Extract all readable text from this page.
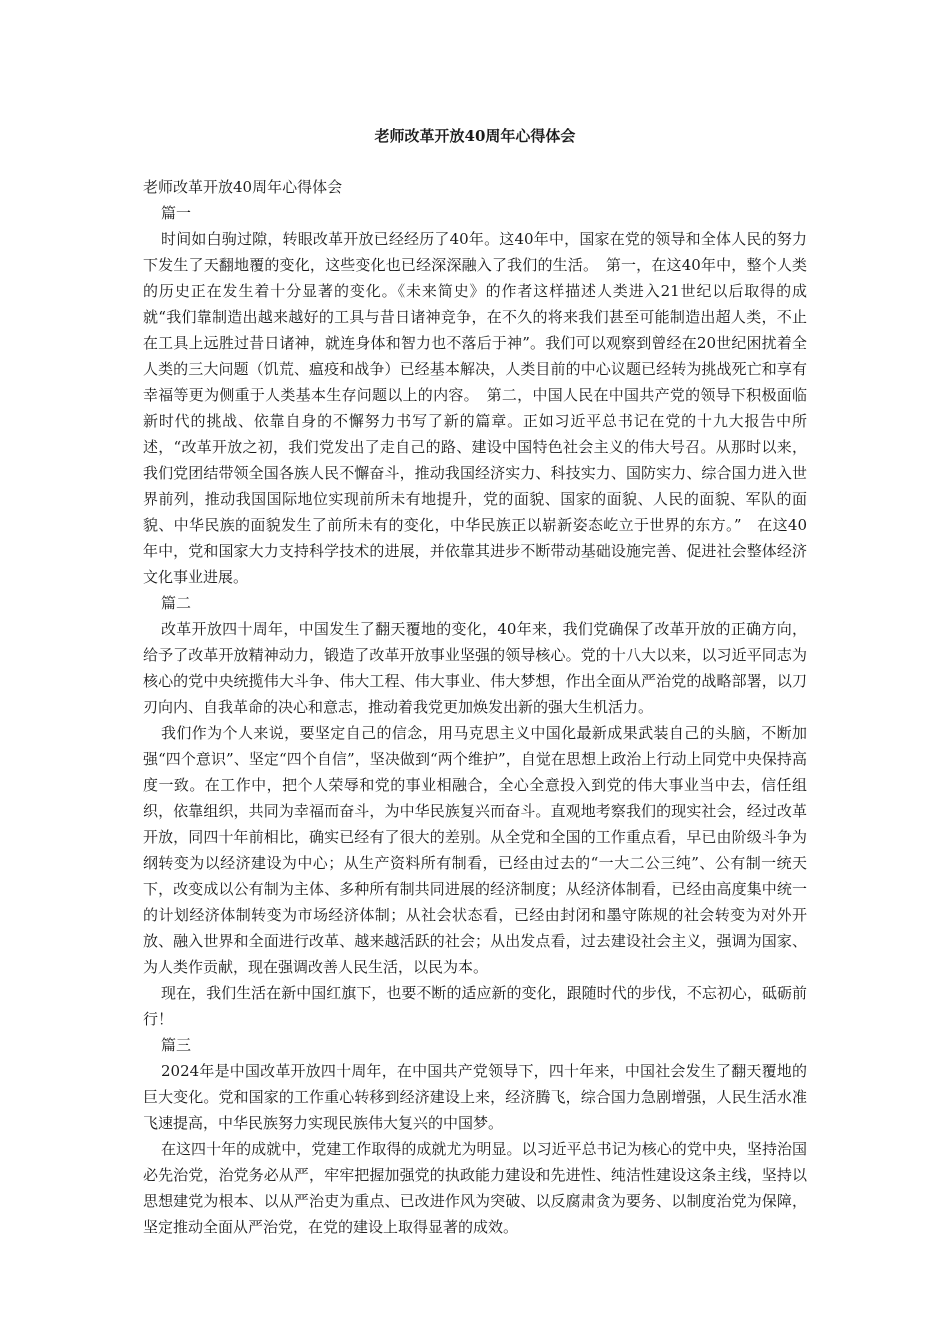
老师改革开放40周年心得体会

老师改革开放40周年心得体会

篇一

时间如白驹过隙，转眼改革开放已经经历了40年。这40年中，国家在党的领导和全体人民的努力下发生了天翻地覆的变化，这些变化也已经深深融入了我们的生活。　第一，在这40年中，整个人类的历史正在发生着十分显著的变化。《未来简史》的作者这样描述人类进入21世纪以后取得的成就“我们靠制造出越来越好的工具与昔日诸神竞争，在不久的将来我们甚至可能制造出超人类，不止在工具上远胜过昔日诸神，就连身体和智力也不落后于神”。我们可以观察到曾经在20世纪困扰着全人类的三大问题（饥荒、瘟疫和战争）已经基本解决，人类目前的中心议题已经转为挑战死亡和享有幸福等更为侧重于人类基本生存问题以上的内容。　第二，中国人民在中国共产党的领导下积极面临新时代的挑战、依靠自身的不懈努力书写了新的篇章。正如习近平总书记在党的十九大报告中所述，“改革开放之初，我们党发出了走自己的路、建设中国特色社会主义的伟大号召。从那时以来，我们党团结带领全国各族人民不懈奋斗，推动我国经济实力、科技实力、国防实力、综合国力进入世界前列，推动我国国际地位实现前所未有地提升，党的面貌、国家的面貌、人民的面貌、军队的面貌、中华民族的面貌发生了前所未有的变化，中华民族正以崭新姿态屹立于世界的东方。”　在这40年中，党和国家大力支持科学技术的进展，并依靠其进步不断带动基础设施完善、促进社会整体经济文化事业进展。

篇二

改革开放四十周年，中国发生了翻天覆地的变化，40年来，我们党确保了改革开放的正确方向，给予了改革开放精神动力，锻造了改革开放事业坚强的领导核心。党的十八大以来，以习近平同志为核心的党中央统揽伟大斗争、伟大工程、伟大事业、伟大梦想，作出全面从严治党的战略部署，以刀刃向内、自我革命的决心和意志，推动着我党更加焕发出新的强大生机活力。

我们作为个人来说，要坚定自己的信念，用马克思主义中国化最新成果武装自己的头脑，不断加强“四个意识”、坚定“四个自信”，坚决做到“两个维护”，自觉在思想上政治上行动上同党中央保持高度一致。在工作中，把个人荣辱和党的事业相融合，全心全意投入到党的伟大事业当中去，信任组织，依靠组织，共同为幸福而奋斗，为中华民族复兴而奋斗。直观地考察我们的现实社会，经过改革开放，同四十年前相比，确实已经有了很大的差别。从全党和全国的工作重点看，早已由阶级斗争为纲转变为以经济建设为中心；从生产资料所有制看，已经由过去的“一大二公三纯”、公有制一统天下，改变成以公有制为主体、多种所有制共同进展的经济制度；从经济体制看，已经由高度集中统一的计划经济体制转变为市场经济体制；从社会状态看，已经由封闭和墨守陈规的社会转变为对外开放、融入世界和全面进行改革、越来越活跃的社会；从出发点看，过去建设社会主义，强调为国家、为人类作贡献，现在强调改善人民生活，以民为本。

现在，我们生活在新中国红旗下，也要不断的适应新的变化，跟随时代的步伐，不忘初心，砥砺前行！

篇三

2024年是中国改革开放四十周年，在中国共产党领导下，四十年来，中国社会发生了翻天覆地的巨大变化。党和国家的工作重心转移到经济建设上来，经济腾飞，综合国力急剧增强，人民生活水准飞速提高，中华民族努力实现民族伟大复兴的中国梦。

在这四十年的成就中，党建工作取得的成就尤为明显。以习近平总书记为核心的党中央，坚持治国必先治党，治党务必从严，牢牢把握加强党的执政能力建设和先进性、纯洁性建设这条主线，坚持以思想建党为根本、以从严治吏为重点、已改进作风为突破、以反腐肃贪为要务、以制度治党为保障，坚定推动全面从严治党，在党的建设上取得显著的成效。
